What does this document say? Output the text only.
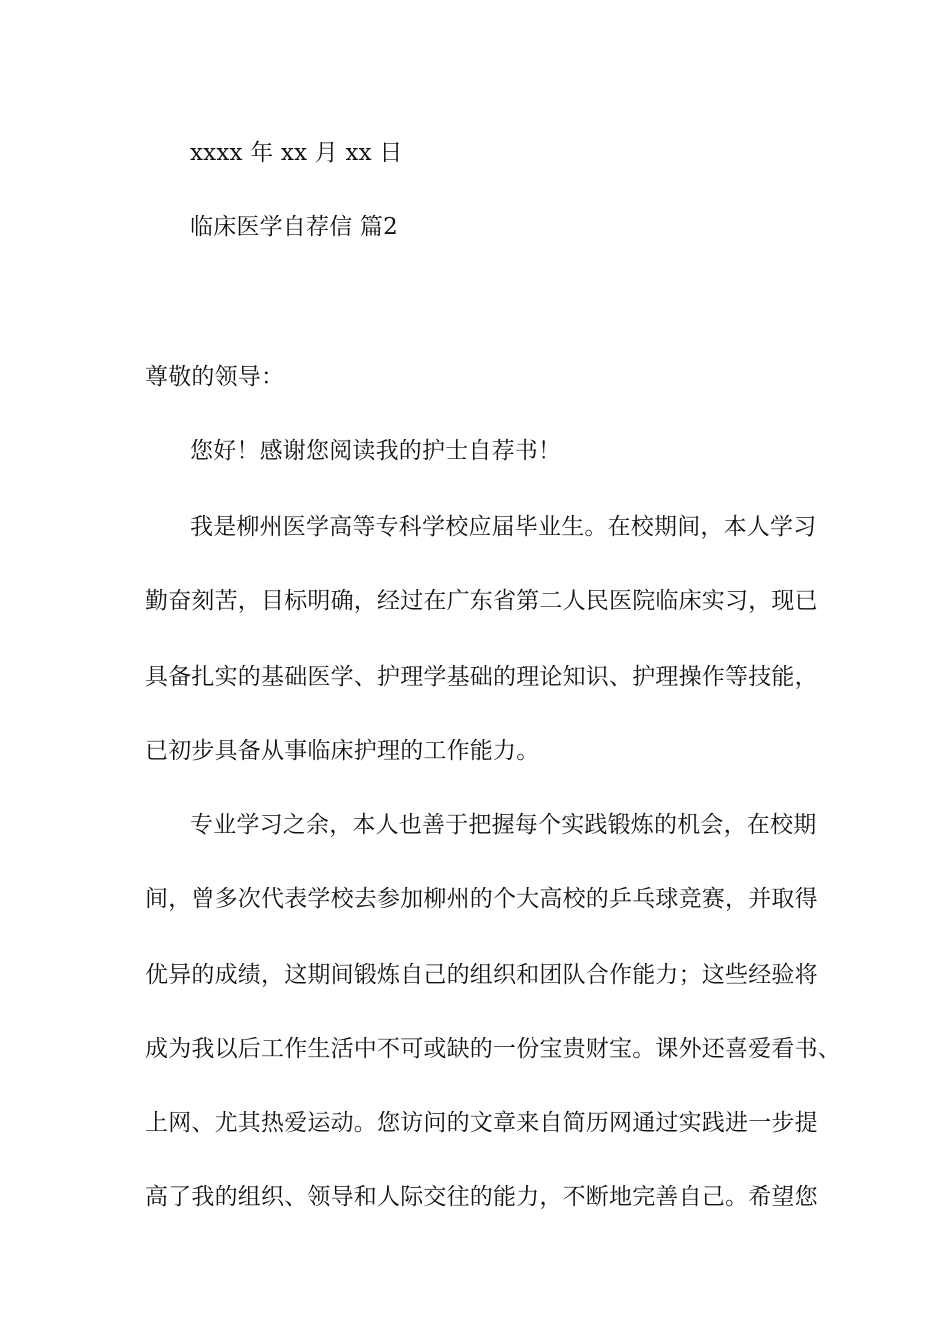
xxxx 年 xx 月 xx 日
临床医学自荐信 篇2
尊敬的领导：
您好！感谢您阅读我的护士自荐书！
我是柳州医学高等专科学校应届毕业生。在校期间，本人学习
勤奋刻苦，目标明确，经过在广东省第二人民医院临床实习，现已
具备扎实的基础医学、护理学基础的理论知识、护理操作等技能，
已初步具备从事临床护理的工作能力。
专业学习之余，本人也善于把握每个实践锻炼的机会，在校期
间，曾多次代表学校去参加柳州的个大高校的乒乓球竞赛，并取得
优异的成绩，这期间锻炼自己的组织和团队合作能力；这些经验将
成为我以后工作生活中不可或缺的一份宝贵财宝。课外还喜爱看书、
上网、尤其热爱运动。您访问的文章来自简历网通过实践进一步提
高了我的组织、领导和人际交往的能力，不断地完善自己。希望您
